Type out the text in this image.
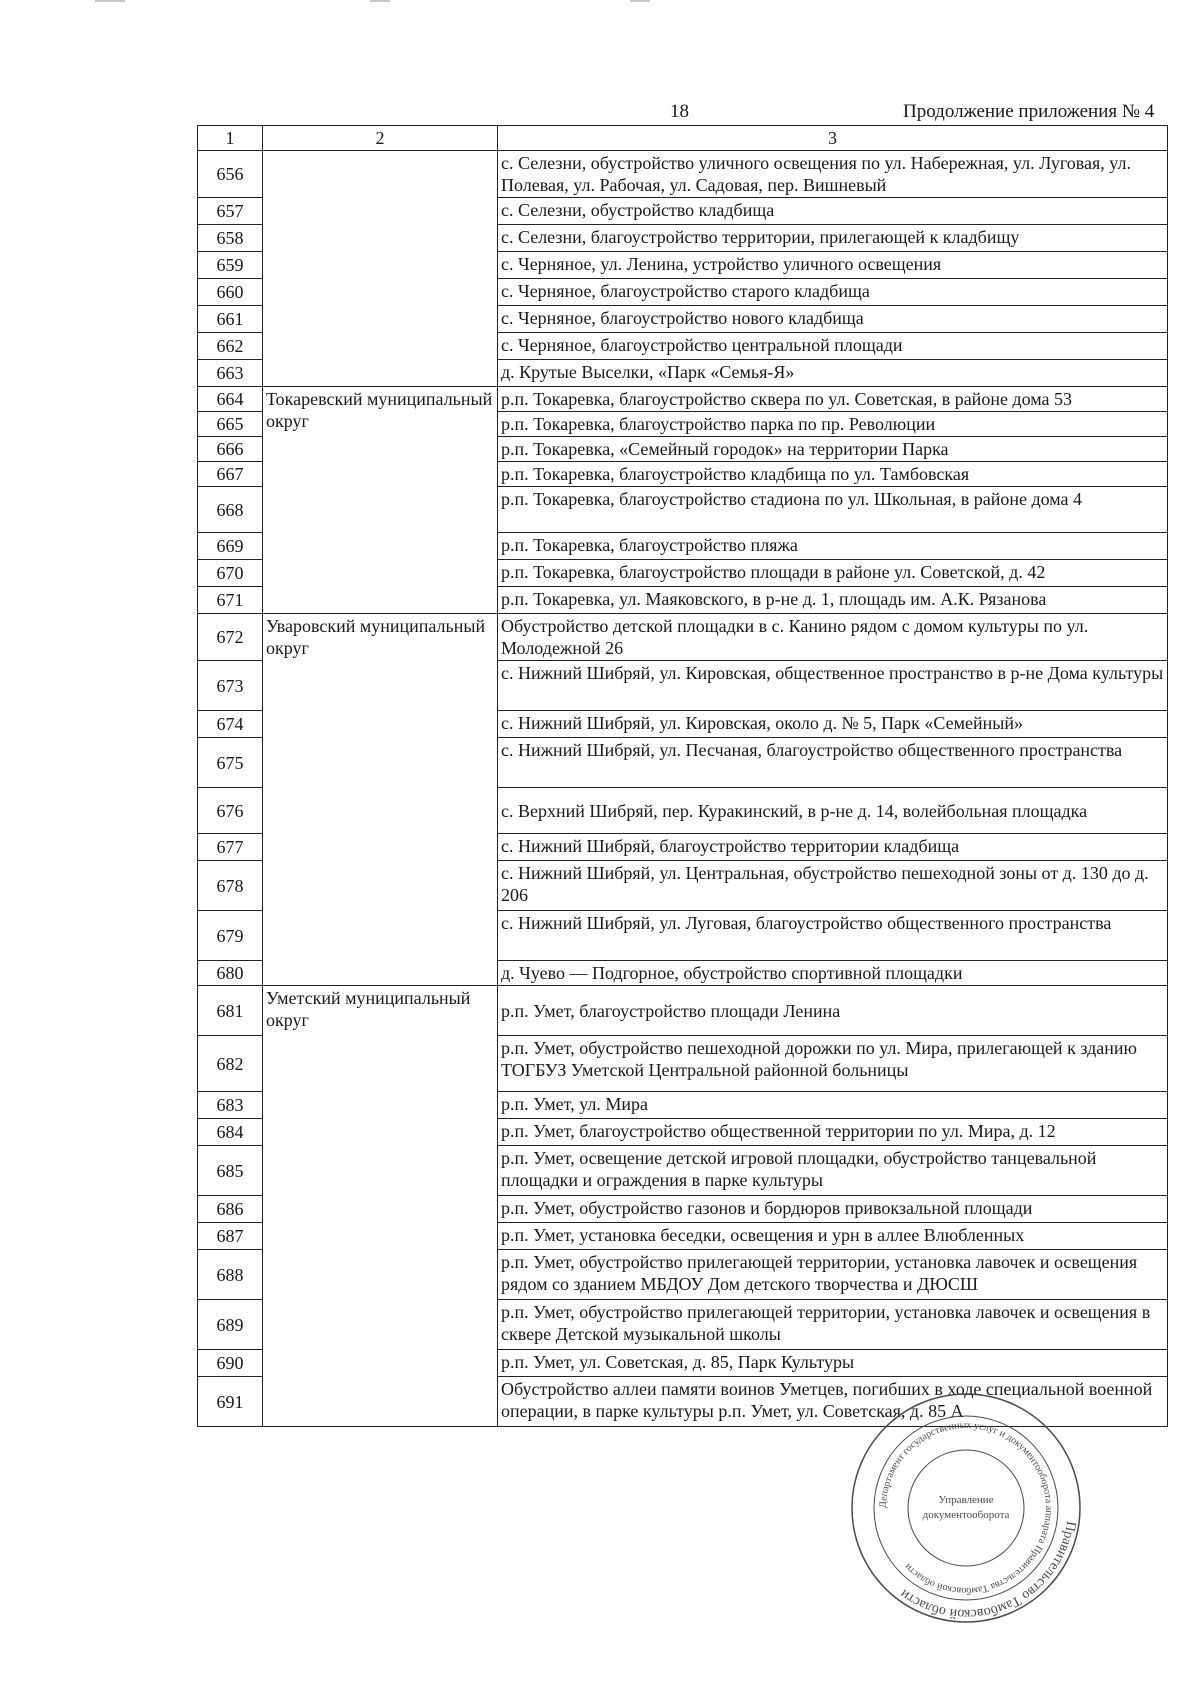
18	Продолжение приложения № 4
1	2	3
656		с. Селезни, обустройство уличного освещения по ул. Набережная, ул. Луговая, ул. Полевая, ул. Рабочая, ул. Садовая, пер. Вишневый
657		с. Селезни, обустройство кладбища
658		с. Селезни, благоустройство территории, прилегающей к кладбищу
659		с. Черняное, ул. Ленина, устройство уличного освещения
660		с. Черняное, благоустройство старого кладбища
661		с. Черняное, благоустройство нового кладбища
662		с. Черняное, благоустройство центральной площади
663		д. Крутые Выселки, «Парк «Семья-Я»
664	Токаревский муниципальный округ	р.п. Токаревка, благоустройство сквера по ул. Советская, в районе дома 53
665		р.п. Токаревка, благоустройство парка по пр. Революции
666		р.п. Токаревка, «Семейный городок» на территории Парка
667		р.п. Токаревка, благоустройство кладбища по ул. Тамбовская
668		р.п. Токаревка, благоустройство стадиона по ул. Школьная, в районе дома 4
669		р.п. Токаревка, благоустройство пляжа
670		р.п. Токаревка, благоустройство площади в районе ул. Советской, д. 42
671		р.п. Токаревка, ул. Маяковского, в р-не д. 1, площадь им. А.К. Рязанова
672	Уваровский муниципальный округ	Обустройство детской площадки в с. Канино рядом с домом культуры по ул. Молодежной 26
673		с. Нижний Шибряй, ул. Кировская, общественное пространство в р-не Дома культуры
674		с. Нижний Шибряй, ул. Кировская, около д. № 5, Парк «Семейный»
675		с. Нижний Шибряй, ул. Песчаная, благоустройство общественного пространства
676		с. Верхний Шибряй, пер. Куракинский, в р-не д. 14, волейбольная площадка
677		с. Нижний Шибряй, благоустройство территории кладбища
678		с. Нижний Шибряй, ул. Центральная, обустройство пешеходной зоны от д. 130 до д. 206
679		с. Нижний Шибряй, ул. Луговая, благоустройство общественного пространства
680		д. Чуево — Подгорное, обустройство спортивной площадки
681	Уметский муниципальный округ	р.п. Умет, благоустройство площади Ленина
682		р.п. Умет, обустройство пешеходной дорожки по ул. Мира, прилегающей к зданию ТОГБУЗ Уметской Центральной районной больницы
683		р.п. Умет, ул. Мира
684		р.п. Умет, благоустройство общественной территории по ул. Мира, д. 12
685		р.п. Умет, освещение детской игровой площадки, обустройство танцевальной площадки и ограждения в парке культуры
686		р.п. Умет, обустройство газонов и бордюров привокзальной площади
687		р.п. Умет, установка беседки, освещения и урн в аллее Влюбленных
688		р.п. Умет, обустройство прилегающей территории, установка лавочек и освещения рядом со зданием МБДОУ Дом детского творчества и ДЮСШ
689		р.п. Умет, обустройство прилегающей территории, установка лавочек и освещения в сквере Детской музыкальной школы
690		р.п. Умет, ул. Советская, д. 85, Парк Культуры
691		Обустройство аллеи памяти воинов Уметцев, погибших в ходе специальной военной операции, в парке культуры р.п. Умет, ул. Советская, д. 85 А
Правительство Тамбовской области
Департамент государственных услуг и документооборота аппарата Правительства Тамбовской области
Управление
документооборота
